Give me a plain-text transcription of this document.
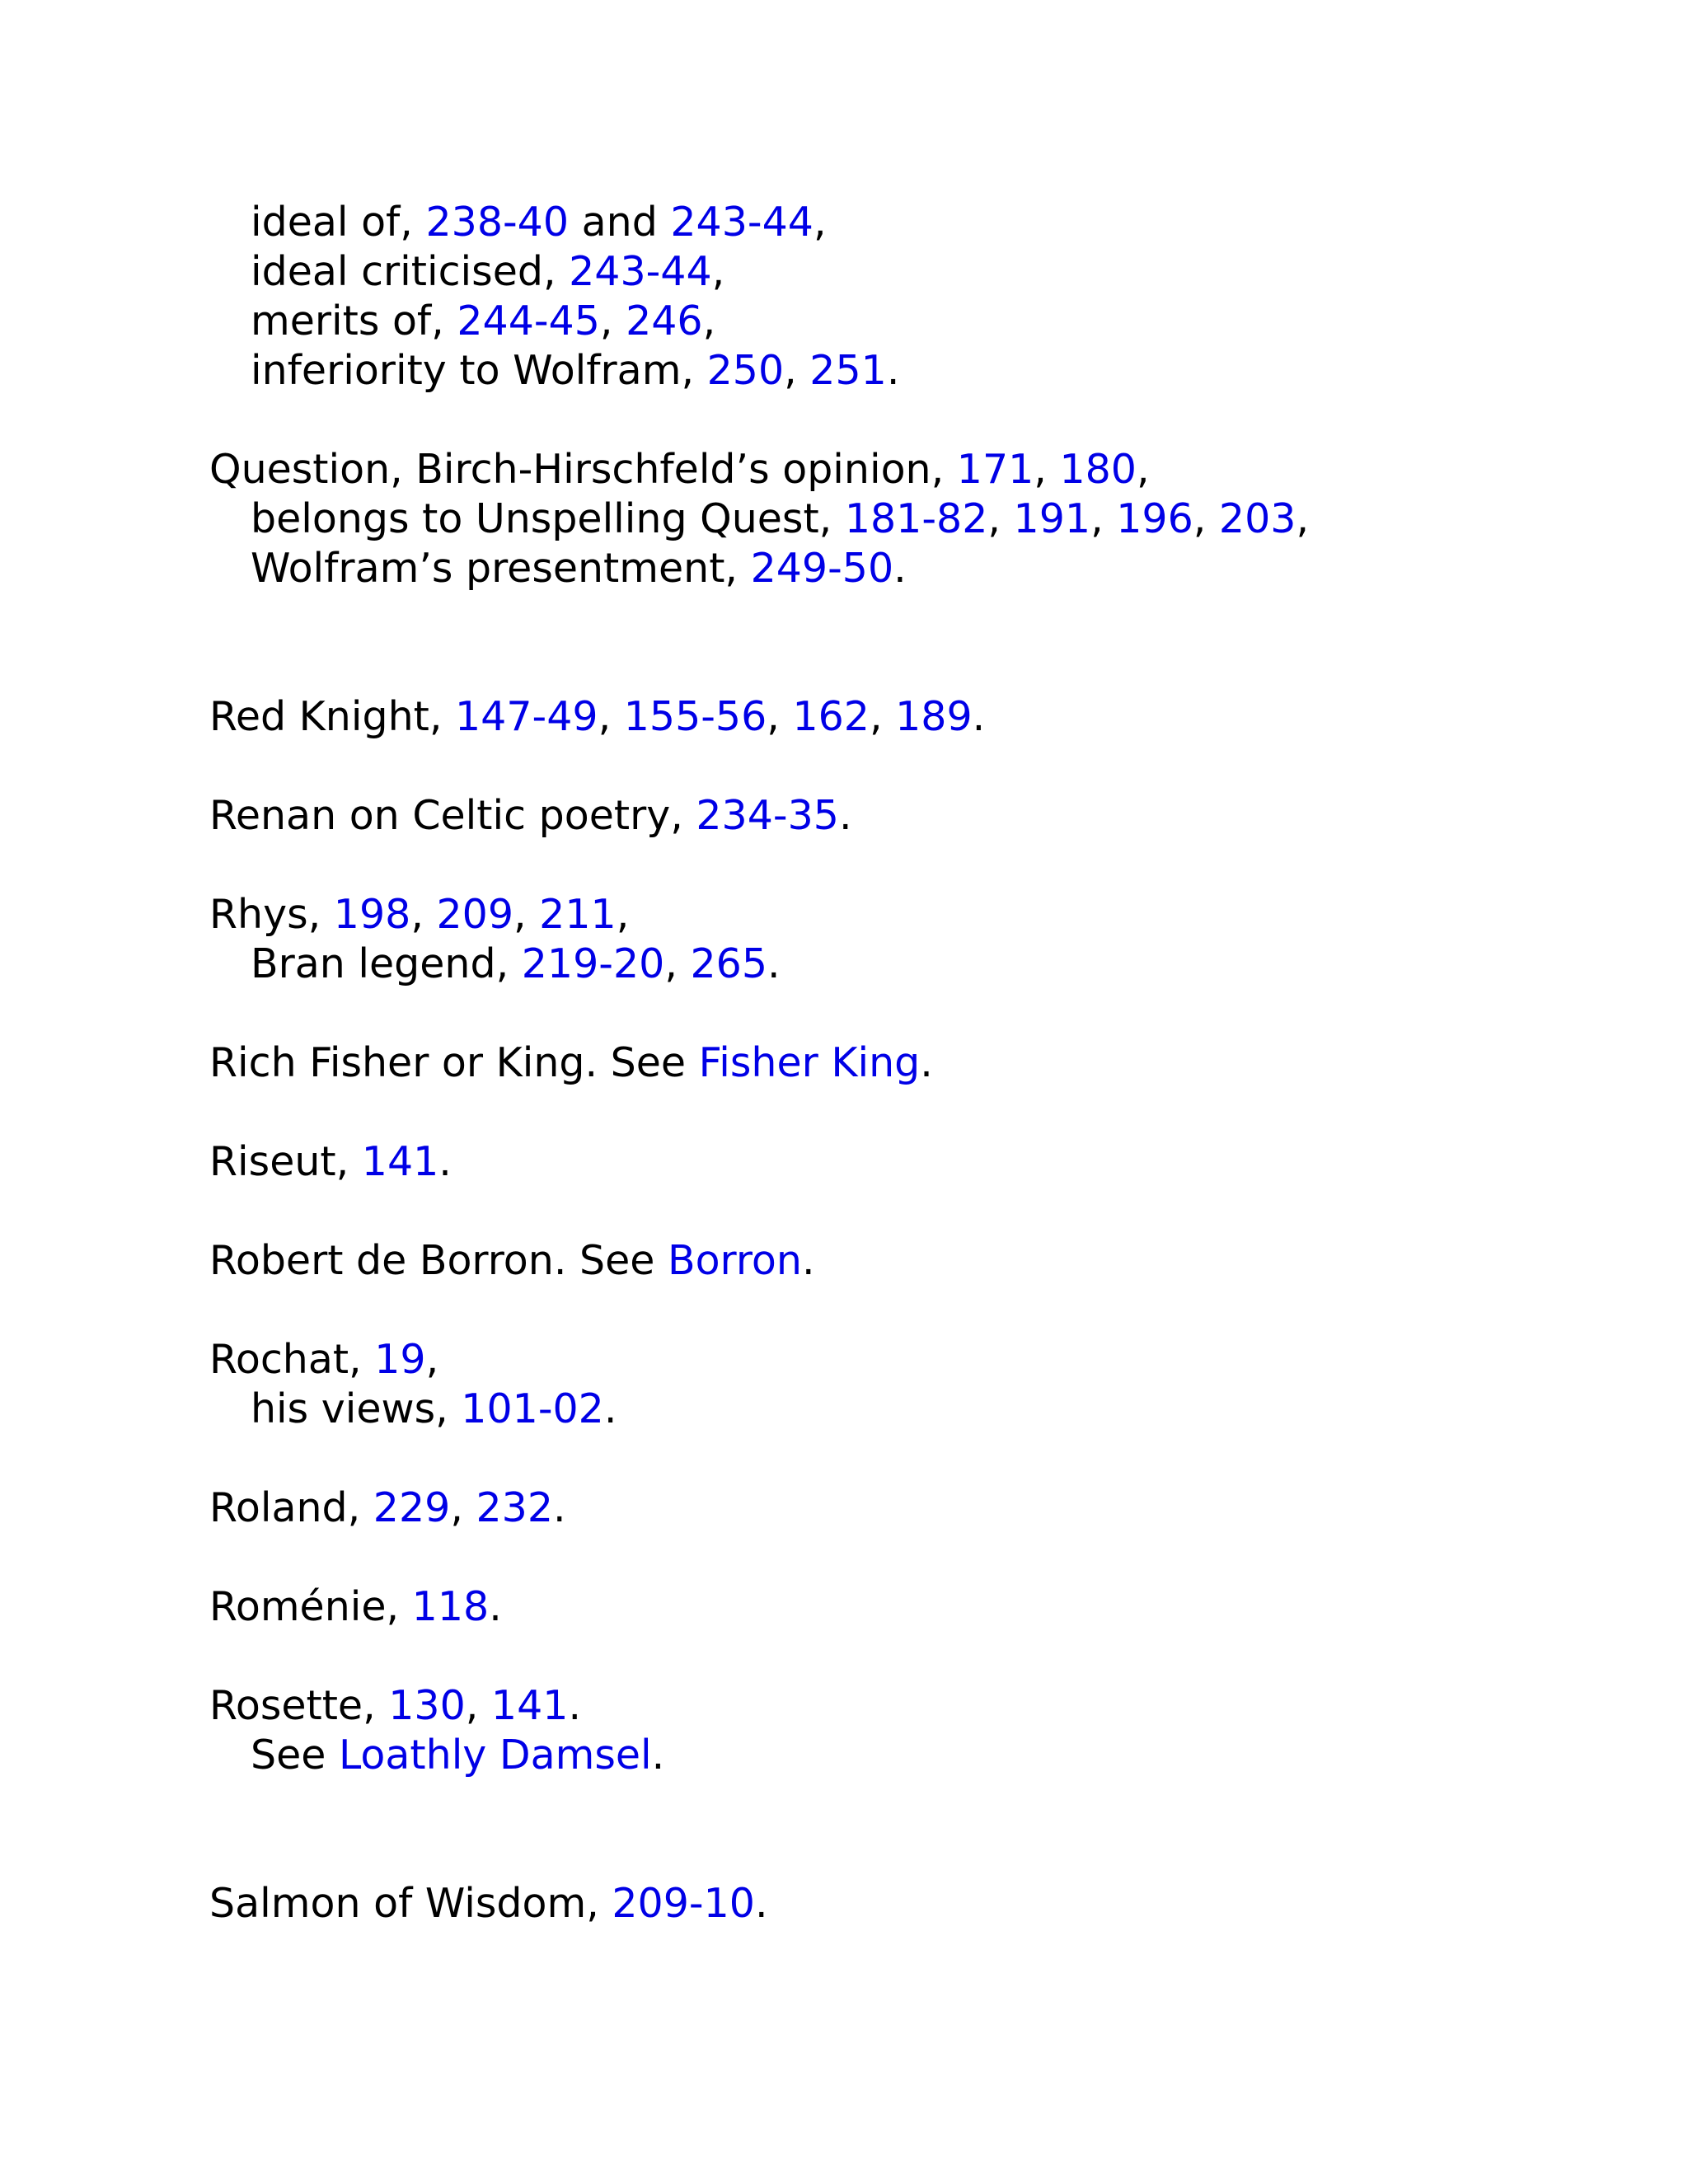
ideal of, 238-40 and 243-44,
ideal criticised, 243-44,
merits of, 244-45, 246,
inferiority to Wolfram, 250, 251.
Question, Birch-Hirschfeld’s opinion, 171, 180,
belongs to Unspelling Quest, 181-82, 191, 196, 203,
Wolfram’s presentment, 249-50.
Red Knight, 147-49, 155-56, 162, 189.
Renan on Celtic poetry, 234-35.
Rhys, 198, 209, 211,
Bran legend, 219-20, 265.
Rich Fisher or King. See Fisher King.
Riseut, 141.
Robert de Borron. See Borron.
Rochat, 19,
his views, 101-02.
Roland, 229, 232.
Roménie, 118.
Rosette, 130, 141.
See Loathly Damsel.
Salmon of Wisdom, 209-10.
